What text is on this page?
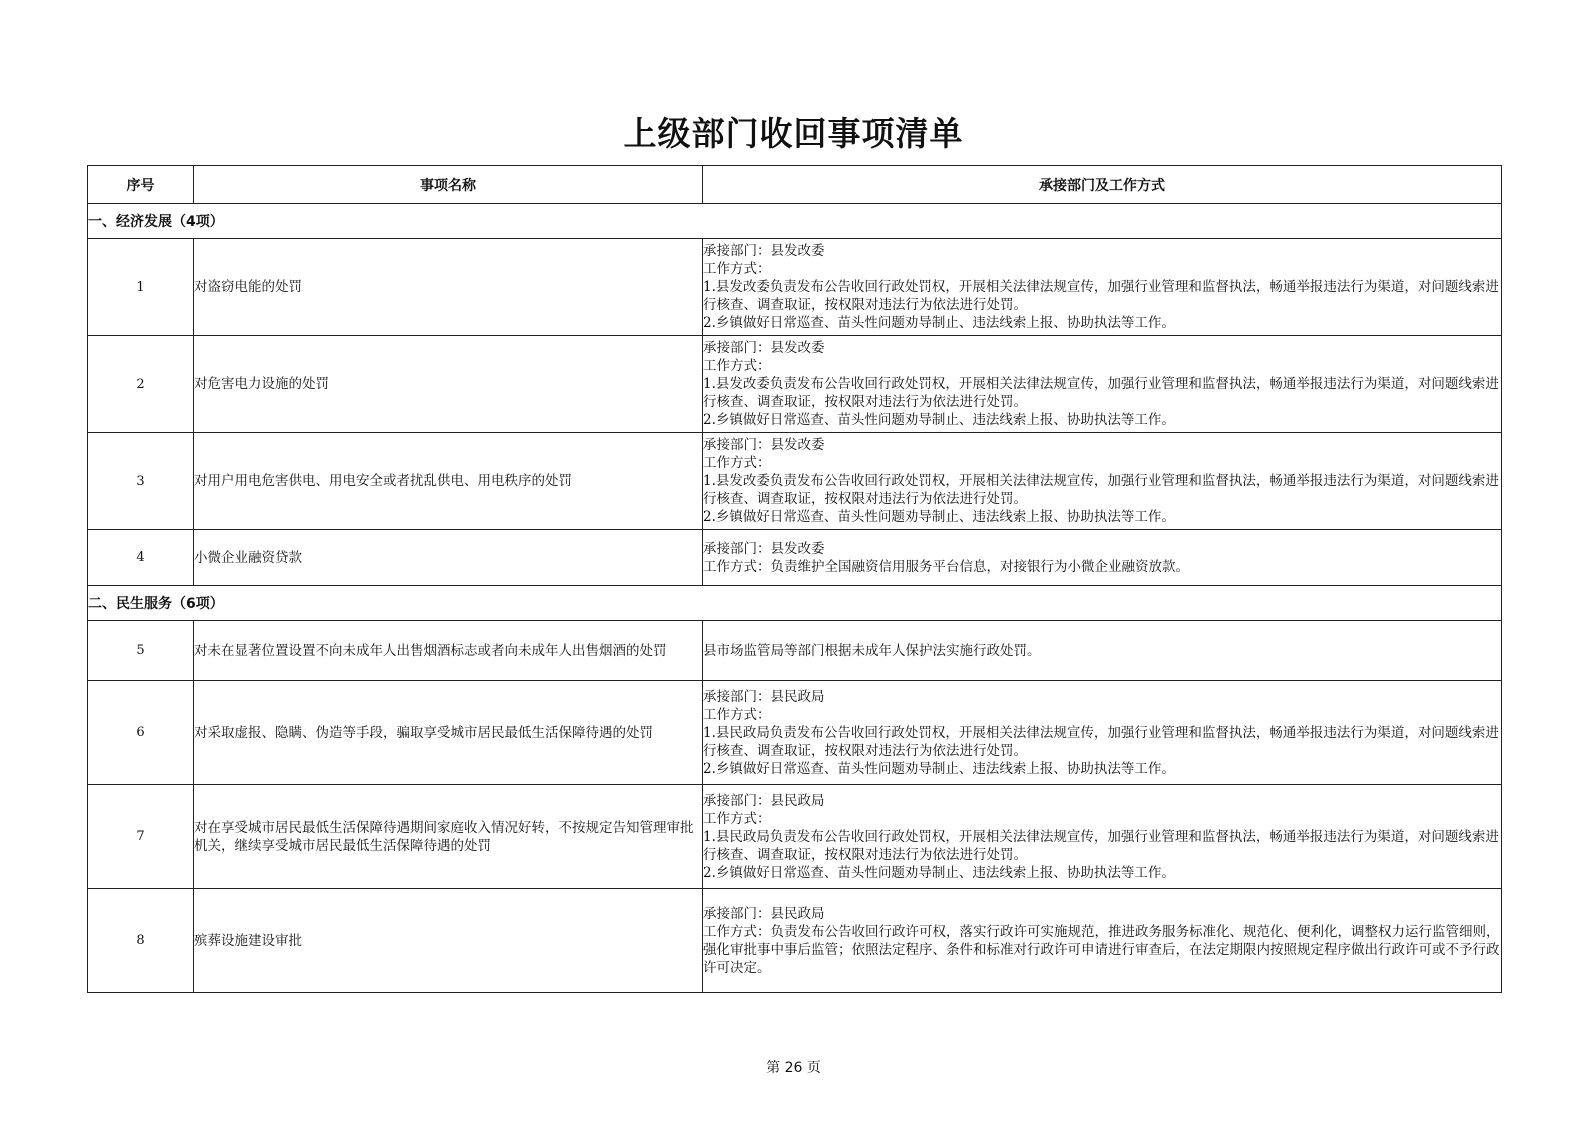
上级部门收回事项清单
序号	事项名称	承接部门及工作方式
一、经济发展（4项）		
1	对盗窃电能的处罚	承接部门：县发改委
工作方式：
1.县发改委负责发布公告收回行政处罚权，开展相关法律法规宣传，加强行业管理和监督执法，畅通举报违法行为渠道，对问题线索进行核查、调查取证，按权限对违法行为依法进行处罚。
2.乡镇做好日常巡查、苗头性问题劝导制止、违法线索上报、协助执法等工作。

2	对危害电力设施的处罚	承接部门：县发改委
工作方式：
1.县发改委负责发布公告收回行政处罚权，开展相关法律法规宣传，加强行业管理和监督执法，畅通举报违法行为渠道，对问题线索进行核查、调查取证，按权限对违法行为依法进行处罚。
2.乡镇做好日常巡查、苗头性问题劝导制止、违法线索上报、协助执法等工作。

3	对用户用电危害供电、用电安全或者扰乱供电、用电秩序的处罚	承接部门：县发改委
工作方式：
1.县发改委负责发布公告收回行政处罚权，开展相关法律法规宣传，加强行业管理和监督执法，畅通举报违法行为渠道，对问题线索进行核查、调查取证，按权限对违法行为依法进行处罚。
2.乡镇做好日常巡查、苗头性问题劝导制止、违法线索上报、协助执法等工作。

4	小微企业融资贷款	承接部门：县发改委
工作方式：负责维护全国融资信用服务平台信息，对接银行为小微企业融资放款。

二、民生服务（6项）		
5	对未在显著位置设置不向未成年人出售烟酒标志或者向未成年人出售烟酒的处罚	县市场监管局等部门根据未成年人保护法实施行政处罚。

6	对采取虚报、隐瞒、伪造等手段，骗取享受城市居民最低生活保障待遇的处罚	承接部门：县民政局
工作方式：
1.县民政局负责发布公告收回行政处罚权，开展相关法律法规宣传，加强行业管理和监督执法，畅通举报违法行为渠道，对问题线索进行核查、调查取证，按权限对违法行为依法进行处罚。
2.乡镇做好日常巡查、苗头性问题劝导制止、违法线索上报、协助执法等工作。

7	对在享受城市居民最低生活保障待遇期间家庭收入情况好转，不按规定告知管理审批机关，继续享受城市居民最低生活保障待遇的处罚	承接部门：县民政局
工作方式：
1.县民政局负责发布公告收回行政处罚权，开展相关法律法规宣传，加强行业管理和监督执法，畅通举报违法行为渠道，对问题线索进行核查、调查取证，按权限对违法行为依法进行处罚。
2.乡镇做好日常巡查、苗头性问题劝导制止、违法线索上报、协助执法等工作。

8	殡葬设施建设审批	承接部门：县民政局
工作方式：负责发布公告收回行政许可权，落实行政许可实施规范，推进政务服务标准化、规范化、便利化，调整权力运行监管细则，强化审批事中事后监管；依照法定程序、条件和标准对行政许可申请进行审查后，在法定期限内按照规定程序做出行政许可或不予行政许可决定。
第 26 页
